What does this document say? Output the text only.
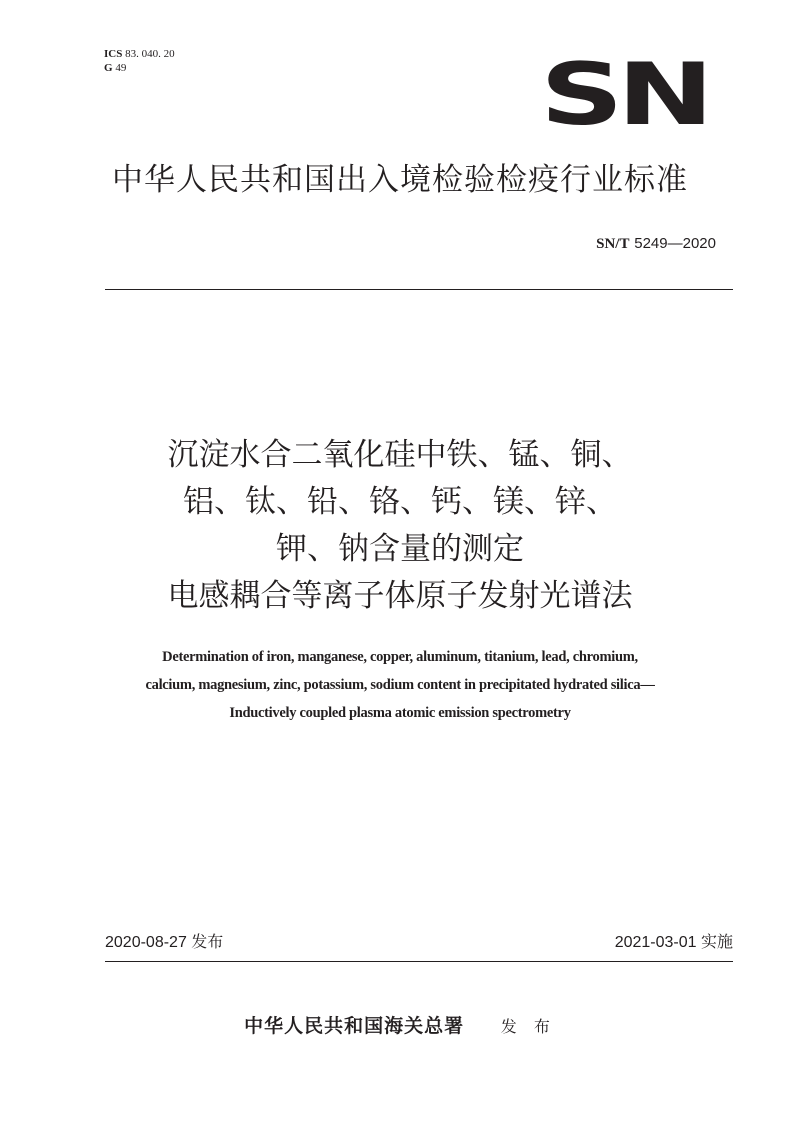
ICS 83. 040. 20
G 49	SN
中华人民共和国出入境检验检疫行业标准
SN/T 5249—2020
沉淀水合二氧化硅中铁、锰、铜、
铝、钛、铅、铬、钙、镁、锌、
钾、钠含量的测定
电感耦合等离子体原子发射光谱法
Determination of iron, manganese, copper, aluminum, titanium, lead, chromium,
calcium, magnesium, zinc, potassium, sodium content in precipitated hydrated silica—
Inductively coupled plasma atomic emission spectrometry
2020-08-27 发布	2021-03-01 实施
中华人民共和国海关总署 发 布
